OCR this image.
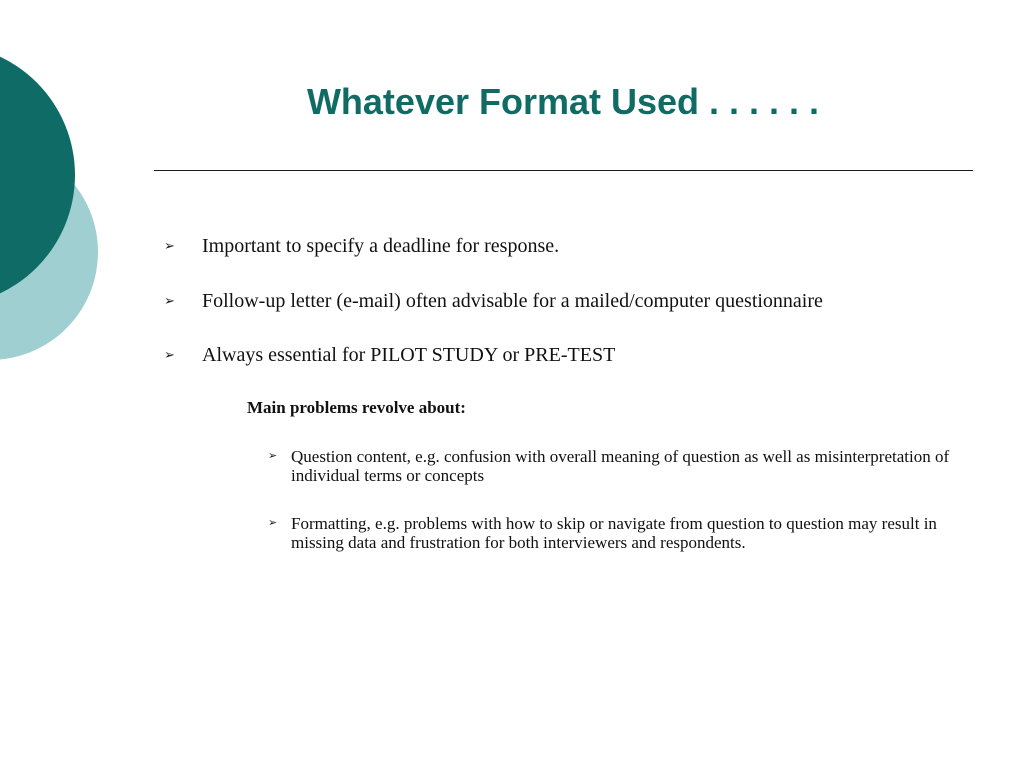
Whatever Format Used . . . . . .
➢ Important to specify a deadline for response.
➢ Follow-up letter (e-mail) often advisable for a mailed/computer questionnaire
➢ Always essential for PILOT STUDY or PRE-TEST
Main problems revolve about:
➢ Question content, e.g. confusion with overall meaning of question as well as misinterpretation of individual terms or concepts
➢ Formatting, e.g. problems with how to skip or navigate from question to question may result in missing data and frustration for both interviewers and respondents.
